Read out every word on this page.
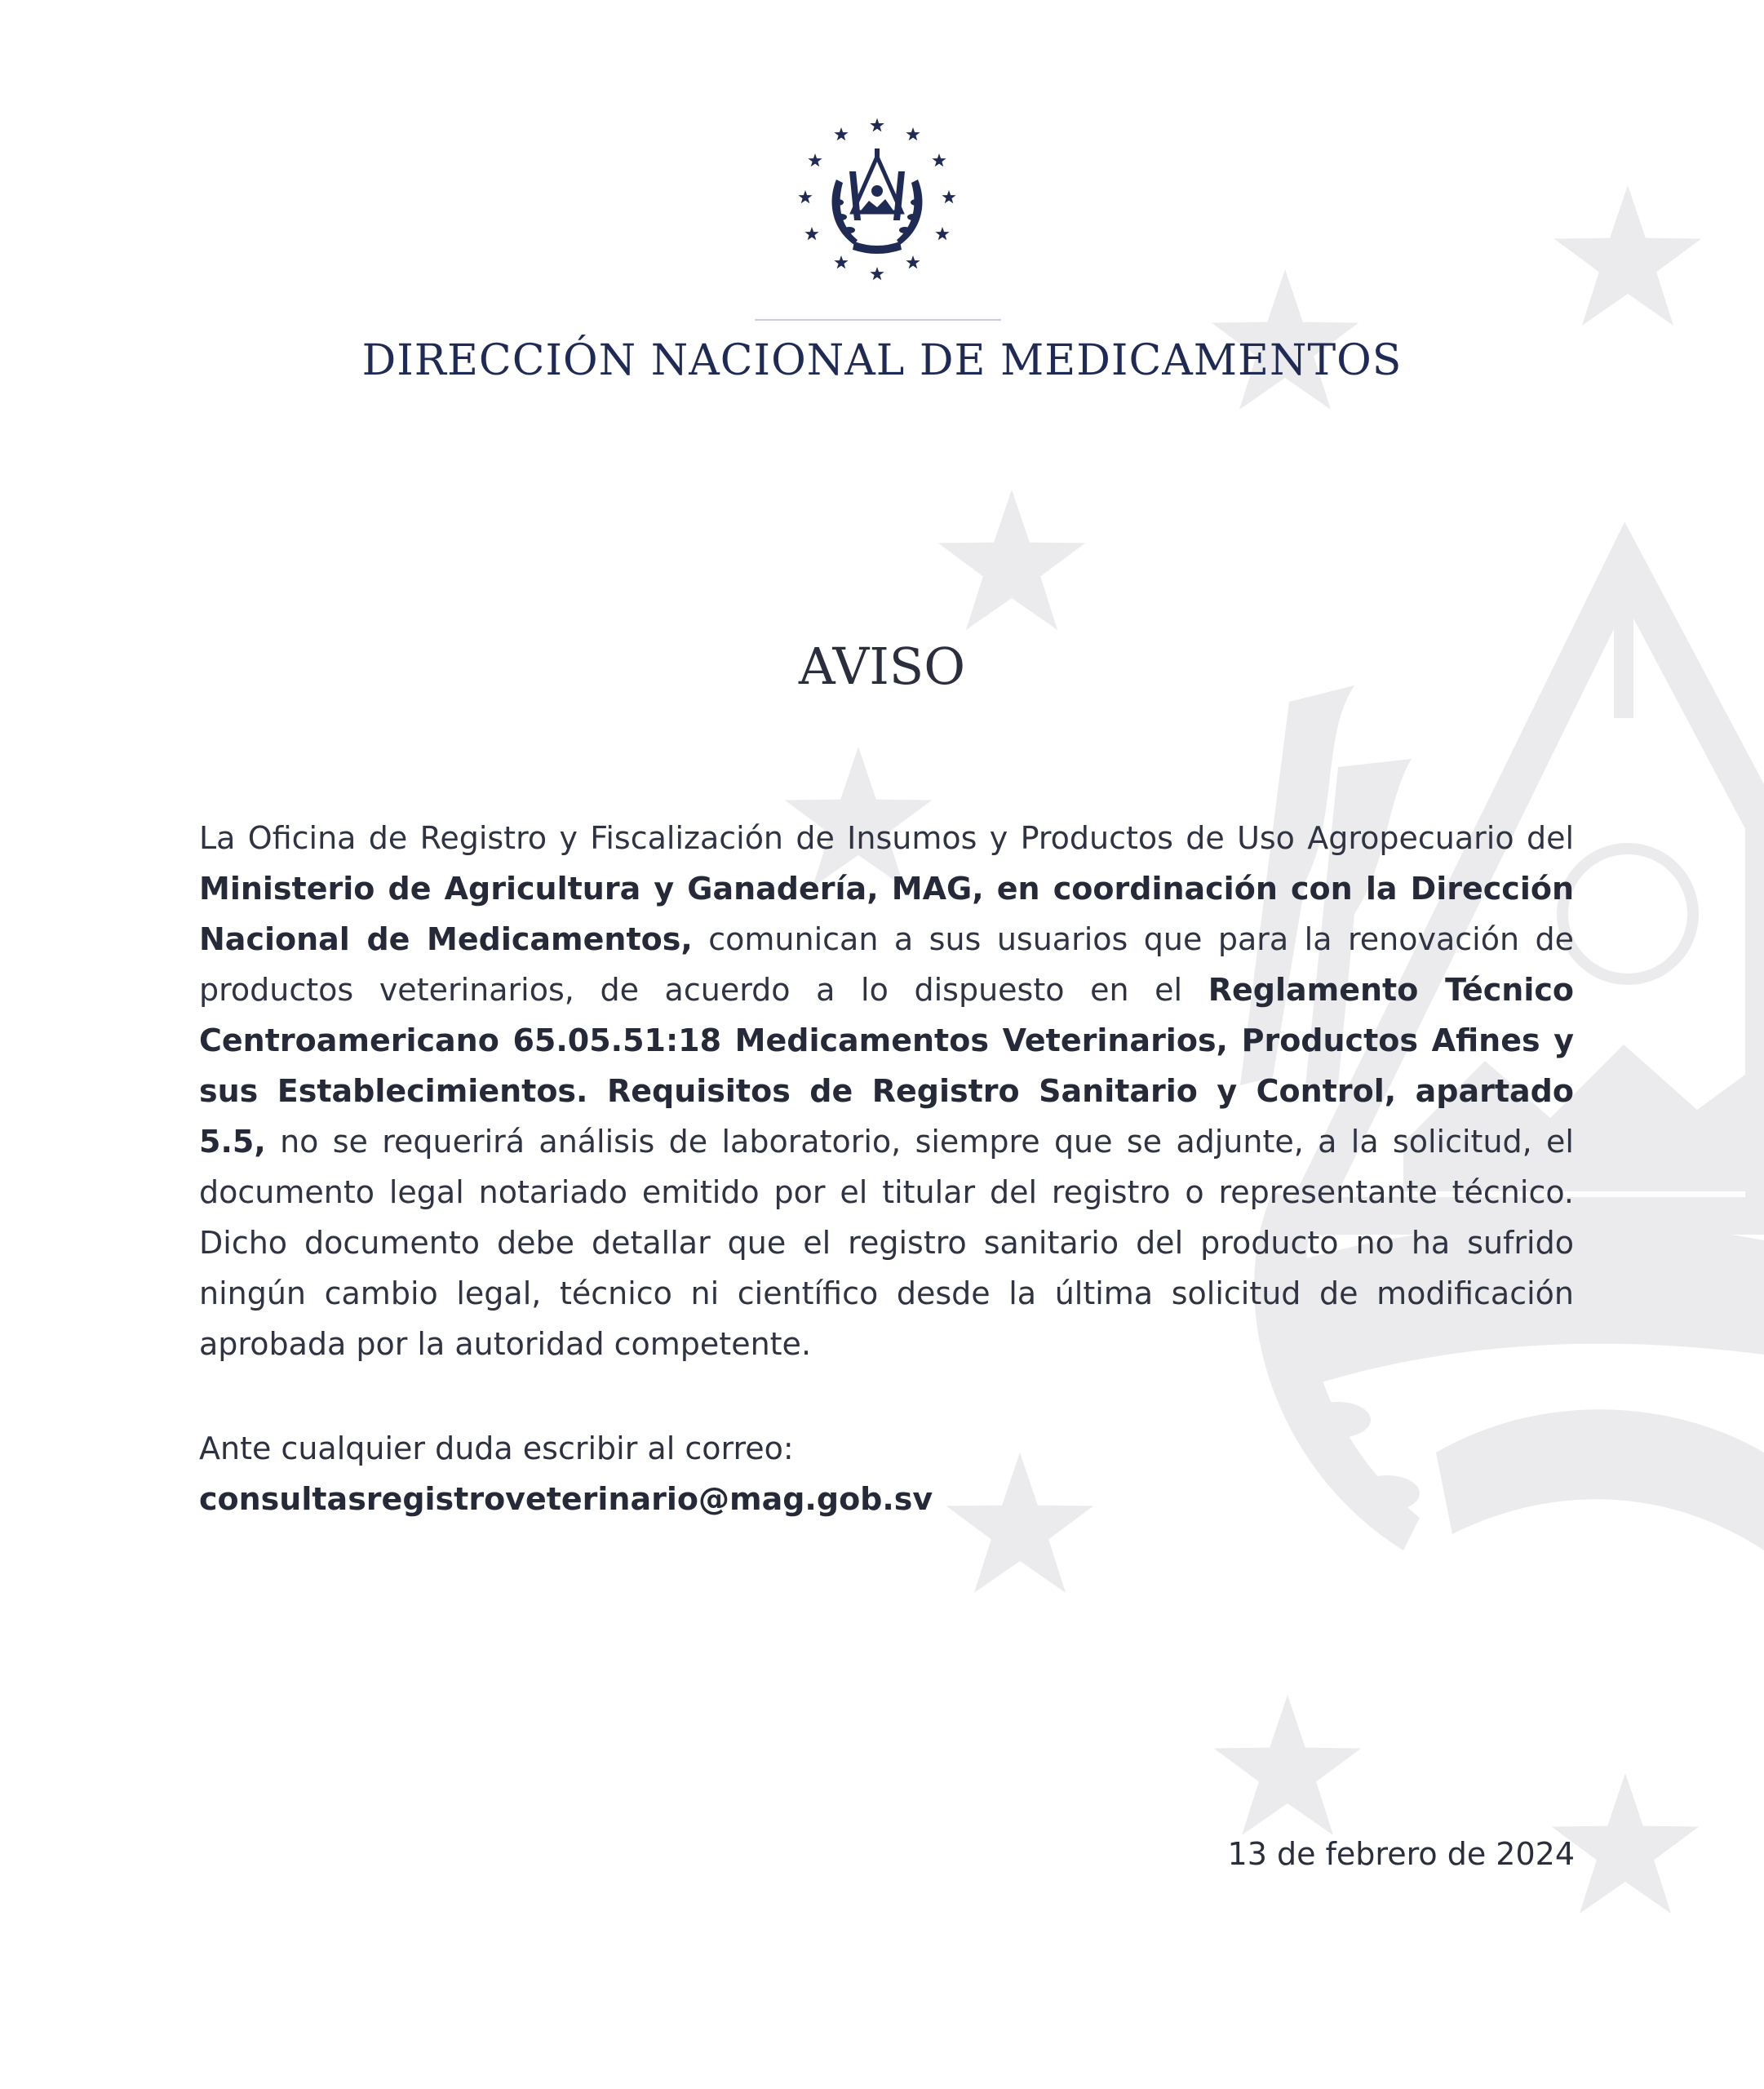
DIRECCIÓN NACIONAL DE MEDICAMENTOS
AVISO

La Oficina de Registro y Fiscalización de Insumos y Productos de Uso Agropecuario del Ministerio de Agricultura y Ganadería, MAG, en coordinación con la Dirección Nacional de Medicamentos, comunican a sus usuarios que para la renovación de productos veterinarios, de acuerdo a lo dispuesto en el Reglamento Técnico Centroamericano 65.05.51:18 Medicamentos Veterinarios, Productos Afines y sus Establecimientos. Requisitos de Registro Sanitario y Control, apartado 5.5, no se requerirá análisis de laboratorio, siempre que se adjunte, a la solicitud, el documento legal notariado emitido por el titular del registro o representante técnico. Dicho documento debe detallar que el registro sanitario del producto no ha sufrido ningún cambio legal, técnico ni científico desde la última solicitud de modificación aprobada por la autoridad competente.

Ante cualquier duda escribir al correo:
consultasregistroveterinario@mag.gob.sv
13 de febrero de 2024
